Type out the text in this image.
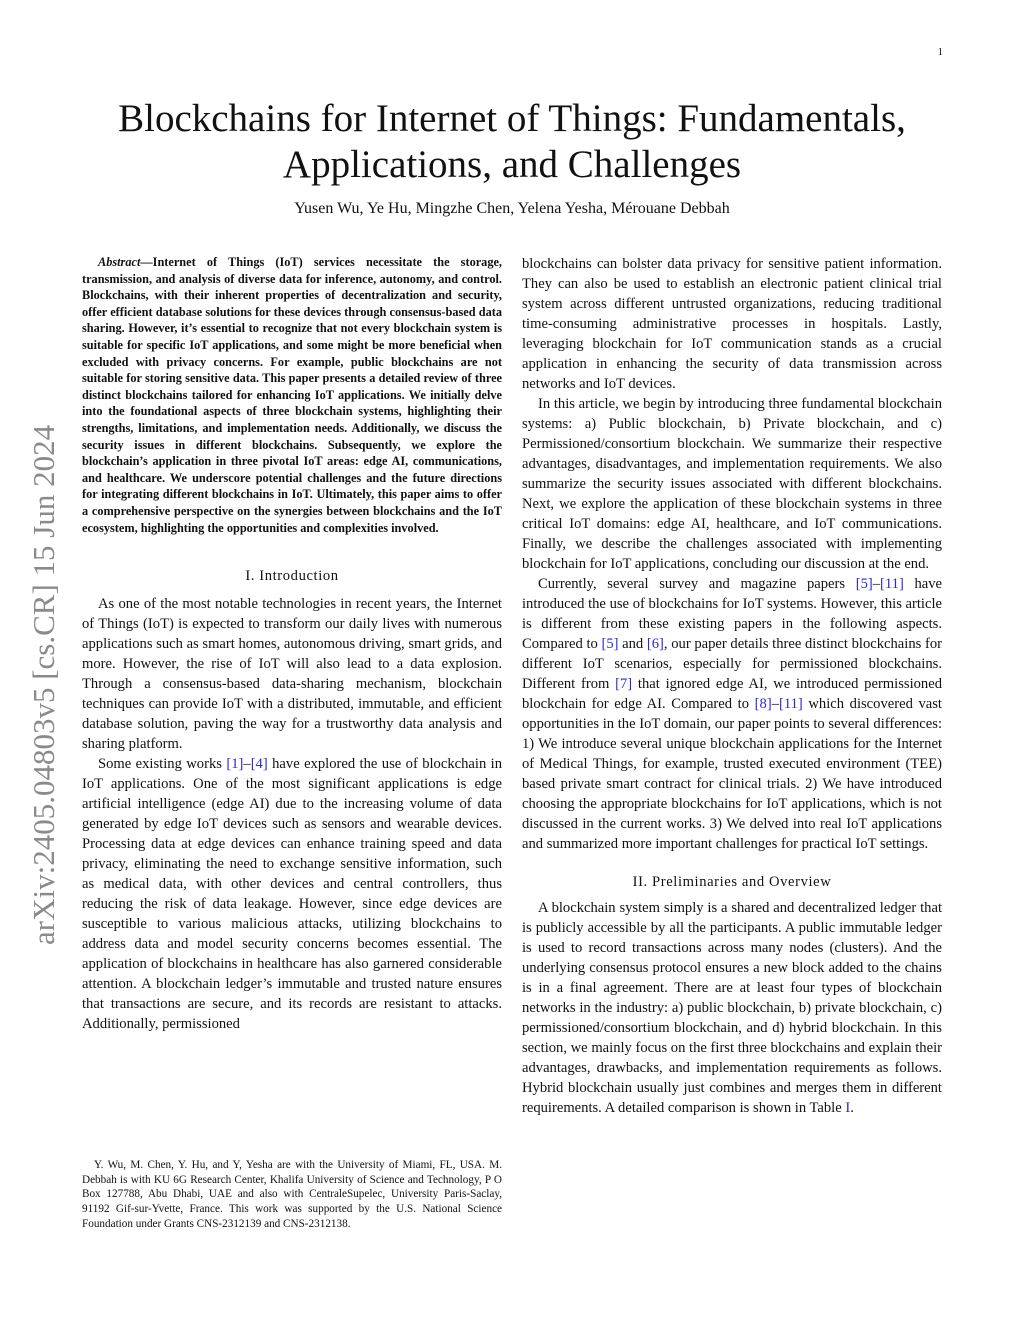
1
arXiv:2405.04803v5 [cs.CR] 15 Jun 2024
Blockchains for Internet of Things: Fundamentals, Applications, and Challenges
Yusen Wu, Ye Hu, Mingzhe Chen, Yelena Yesha, Mérouane Debbah

Abstract—Internet of Things (IoT) services necessitate the storage, transmission, and analysis of diverse data for inference, autonomy, and control. Blockchains, with their inherent properties of decentralization and security, offer efficient database solutions for these devices through consensus-based data sharing. However, it’s essential to recognize that not every blockchain system is suitable for specific IoT applications, and some might be more beneficial when excluded with privacy concerns. For example, public blockchains are not suitable for storing sensitive data. This paper presents a detailed review of three distinct blockchains tailored for enhancing IoT applications. We initially delve into the foundational aspects of three blockchain systems, highlighting their strengths, limitations, and implementation needs. Additionally, we discuss the security issues in different blockchains. Subsequently, we explore the blockchain’s application in three pivotal IoT areas: edge AI, communications, and healthcare. We underscore potential challenges and the future directions for integrating different blockchains in IoT. Ultimately, this paper aims to offer a comprehensive perspective on the synergies between blockchains and the IoT ecosystem, highlighting the opportunities and complexities involved.

I. Introduction

As one of the most notable technologies in recent years, the Internet of Things (IoT) is expected to transform our daily lives with numerous applications such as smart homes, autonomous driving, smart grids, and more. However, the rise of IoT will also lead to a data explosion. Through a consensus-based data-sharing mechanism, blockchain techniques can provide IoT with a distributed, immutable, and efficient database solution, paving the way for a trustworthy data analysis and sharing platform.

Some existing works [1]–[4] have explored the use of blockchain in IoT applications. One of the most significant applications is edge artificial intelligence (edge AI) due to the increasing volume of data generated by edge IoT devices such as sensors and wearable devices. Processing data at edge devices can enhance training speed and data privacy, eliminating the need to exchange sensitive information, such as medical data, with other devices and central controllers, thus reducing the risk of data leakage. However, since edge devices are susceptible to various malicious attacks, utilizing blockchains to address data and model security concerns becomes essential. The application of blockchains in healthcare has also garnered considerable attention. A blockchain ledger’s immutable and trusted nature ensures that transactions are secure, and its records are resistant to attacks. Additionally, permissioned

Y. Wu, M. Chen, Y. Hu, and Y, Yesha are with the University of Miami, FL, USA. M. Debbah is with KU 6G Research Center, Khalifa University of Science and Technology, P O Box 127788, Abu Dhabi, UAE and also with CentraleSupelec, University Paris-Saclay, 91192 Gif-sur-Yvette, France. This work was supported by the U.S. National Science Foundation under Grants CNS-2312139 and CNS-2312138.

blockchains can bolster data privacy for sensitive patient information. They can also be used to establish an electronic patient clinical trial system across different untrusted organizations, reducing traditional time-consuming administrative processes in hospitals. Lastly, leveraging blockchain for IoT communication stands as a crucial application in enhancing the security of data transmission across networks and IoT devices.

In this article, we begin by introducing three fundamental blockchain systems: a) Public blockchain, b) Private blockchain, and c) Permissioned/consortium blockchain. We summarize their respective advantages, disadvantages, and implementation requirements. We also summarize the security issues associated with different blockchains. Next, we explore the application of these blockchain systems in three critical IoT domains: edge AI, healthcare, and IoT communications. Finally, we describe the challenges associated with implementing blockchain for IoT applications, concluding our discussion at the end.

Currently, several survey and magazine papers [5]–[11] have introduced the use of blockchains for IoT systems. However, this article is different from these existing papers in the following aspects. Compared to [5] and [6], our paper details three distinct blockchains for different IoT scenarios, especially for permissioned blockchains. Different from [7] that ignored edge AI, we introduced permissioned blockchain for edge AI. Compared to [8]–[11] which discovered vast opportunities in the IoT domain, our paper points to several differences: 1) We introduce several unique blockchain applications for the Internet of Medical Things, for example, trusted executed environment (TEE) based private smart contract for clinical trials. 2) We have introduced choosing the appropriate blockchains for IoT applications, which is not discussed in the current works. 3) We delved into real IoT applications and summarized more important challenges for practical IoT settings.

II. Preliminaries and Overview

A blockchain system simply is a shared and decentralized ledger that is publicly accessible by all the participants. A public immutable ledger is used to record transactions across many nodes (clusters). And the underlying consensus protocol ensures a new block added to the chains is in a final agreement. There are at least four types of blockchain networks in the industry: a) public blockchain, b) private blockchain, c) permissioned/consortium blockchain, and d) hybrid blockchain. In this section, we mainly focus on the first three blockchains and explain their advantages, drawbacks, and implementation requirements as follows. Hybrid blockchain usually just combines and merges them in different requirements. A detailed comparison is shown in Table I.
